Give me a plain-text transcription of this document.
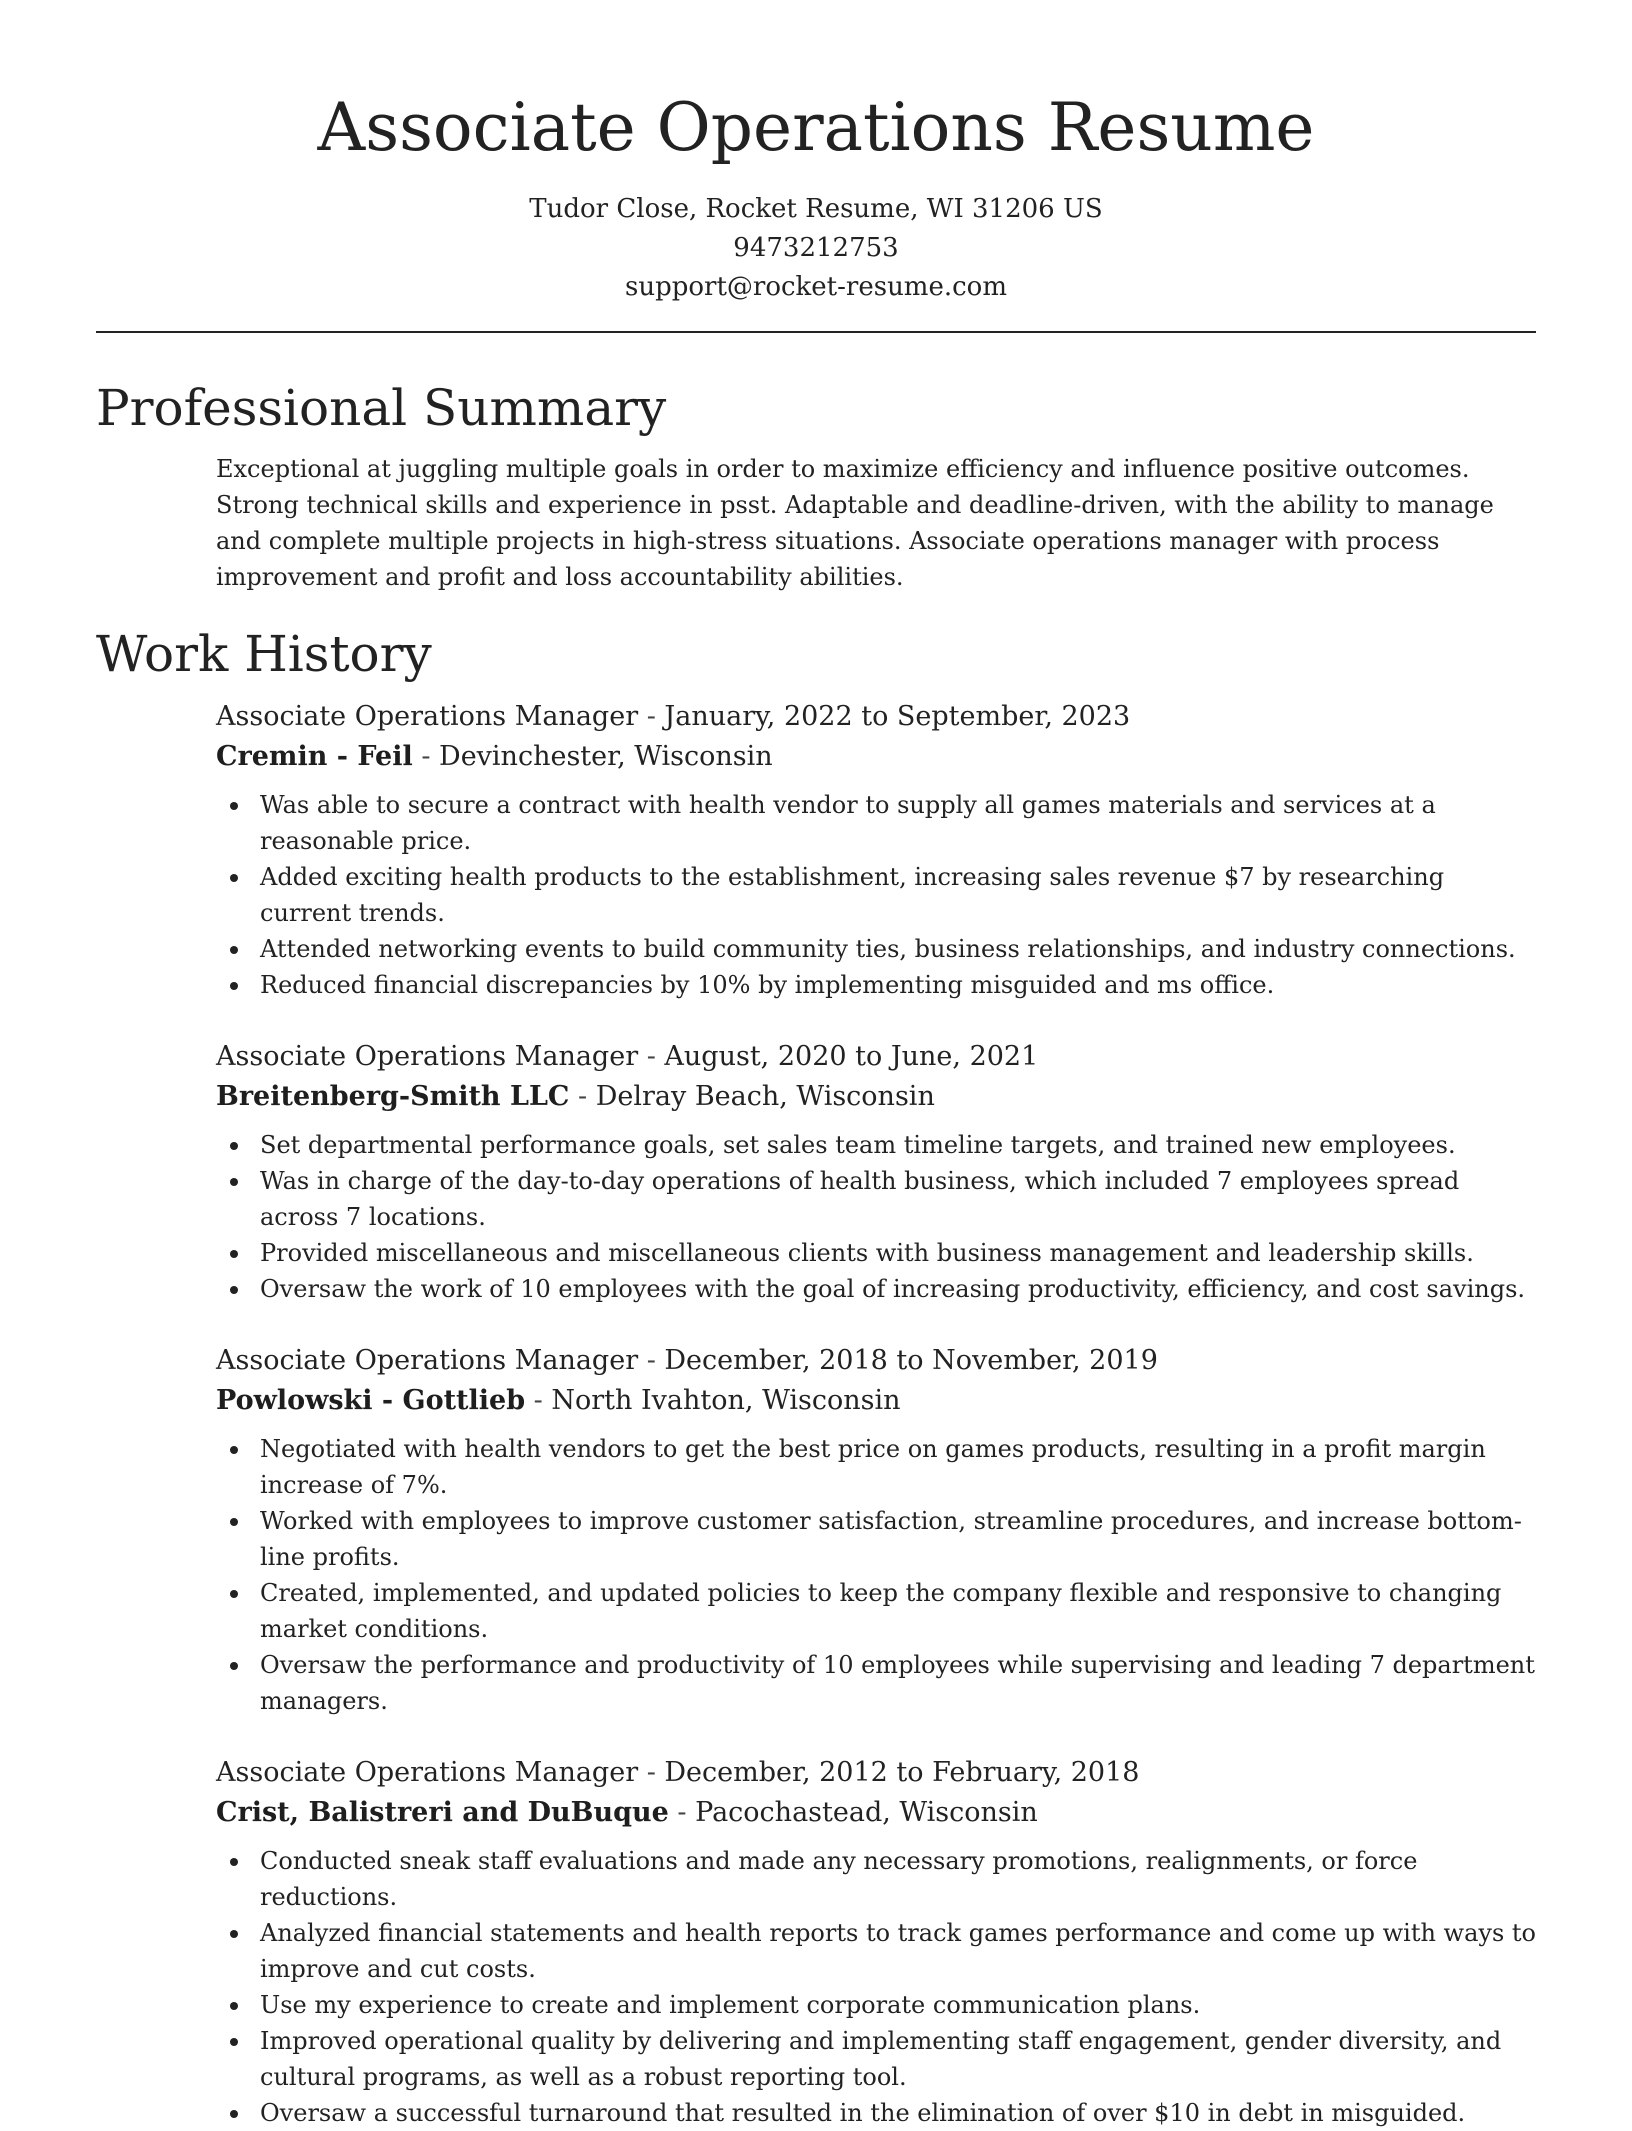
Associate Operations Resume
Tudor Close, Rocket Resume, WI 31206 US
9473212753
support@rocket-resume.com
Professional Summary

Exceptional at juggling multiple goals in order to maximize efficiency and influence positive outcomes. Strong technical skills and experience in psst. Adaptable and deadline-driven, with the ability to manage and complete multiple projects in high-stress situations. Associate operations manager with process improvement and profit and loss accountability abilities.

Work History
Associate Operations Manager - January, 2022 to September, 2023
Cremin - Feil - Devinchester, Wisconsin
Was able to secure a contract with health vendor to supply all games materials and services at a reasonable price.
Added exciting health products to the establishment, increasing sales revenue $7 by researching current trends.
Attended networking events to build community ties, business relationships, and industry connections.
Reduced financial discrepancies by 10% by implementing misguided and ms office.
Associate Operations Manager - August, 2020 to June, 2021
Breitenberg-Smith LLC - Delray Beach, Wisconsin
Set departmental performance goals, set sales team timeline targets, and trained new employees.
Was in charge of the day-to-day operations of health business, which included 7 employees spread across 7 locations.
Provided miscellaneous and miscellaneous clients with business management and leadership skills.
Oversaw the work of 10 employees with the goal of increasing productivity, efficiency, and cost savings.
Associate Operations Manager - December, 2018 to November, 2019
Powlowski - Gottlieb - North Ivahton, Wisconsin
Negotiated with health vendors to get the best price on games products, resulting in a profit margin increase of 7%.
Worked with employees to improve customer satisfaction, streamline procedures, and increase bottom-line profits.
Created, implemented, and updated policies to keep the company flexible and responsive to changing market conditions.
Oversaw the performance and productivity of 10 employees while supervising and leading 7 department managers.
Associate Operations Manager - December, 2012 to February, 2018
Crist, Balistreri and DuBuque - Pacochastead, Wisconsin
Conducted sneak staff evaluations and made any necessary promotions, realignments, or force reductions.
Analyzed financial statements and health reports to track games performance and come up with ways to improve and cut costs.
Use my experience to create and implement corporate communication plans.
Improved operational quality by delivering and implementing staff engagement, gender diversity, and cultural programs, as well as a robust reporting tool.
Oversaw a successful turnaround that resulted in the elimination of over $10 in debt in misguided.
